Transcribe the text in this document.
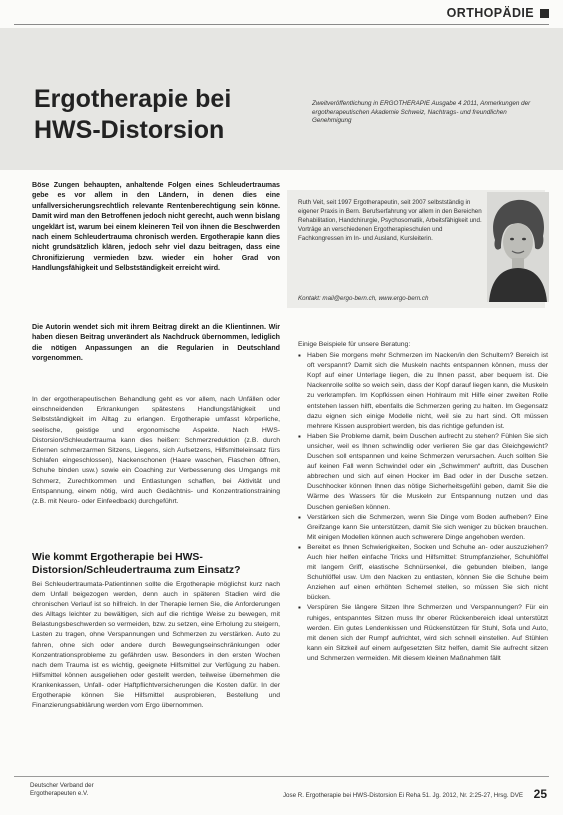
ORTHOPÄDIE
Ergotherapie bei
HWS-Distorsion
Zweitveröffentlichung in ERGOTHERAPIE Ausgabe 4 2011, Anmerkungen der ergotherapeutischen Akademie Schweiz, Nachtrags- und freundlichen Genehmigung
Böse Zungen behaupten, anhaltende Folgen eines Schleudertraumas gebe es vor allem in den Ländern, in denen dies eine unfallversicherungsrechtlich relevante Rentenberechtigung sein könne. Damit wird man den Betroffenen jedoch nicht gerecht, auch wenn bislang ungeklärt ist, warum bei einem kleineren Teil von ihnen die Beschwerden nach einem Schleudertrauma chronisch werden. Ergotherapie kann dies nicht grundsätzlich klären, jedoch sehr viel dazu beitragen, dass eine Chronifizierung vermieden bzw. wieder ein hoher Grad von Handlungsfähigkeit und Selbstständigkeit erreicht wird.
Die Autorin wendet sich mit ihrem Beitrag direkt an die Klientinnen. Wir haben diesen Beitrag unverändert als Nachdruck übernommen, lediglich die nötigen Anpassungen an die Regularien in Deutschland vorgenommen.
In der ergotherapeutischen Behandlung geht es vor allem, nach Unfällen oder einschneidenden Erkrankungen spätestens Handlungsfähigkeit und Selbstständigkeit im Alltag zu erlangen. Ergotherapie umfasst körperliche, seelische, geistige und ergonomische Aspekte. Nach HWS-Distorsion/Schleudertrauma kann dies heißen: Schmerzreduktion (z.B. durch Erlernen schmerzarmen Sitzens, Liegens, sich Aufsetzens, Hilfsmitteleinsatz fürs Schlafen eingeschlossen), Nackenschonen (Haare waschen, Flaschen öffnen, Schuhe binden usw.) sowie ein Coaching zur Verbesserung des Umgangs mit Schmerz, Zurechtkommen und Entlastungen schaffen, bei Aktivität und Entspannung, einem nötig, wird auch Gedächtnis- und Konzentrationstraining (z.B. mit Neuro- oder Einfeedback) durchgeführt.
Wie kommt Ergotherapie bei HWS-Distorsion/Schleudertrauma zum Einsatz?
Bei Schleudertraumata-Patientinnen sollte die Ergotherapie möglichst kurz nach dem Unfall beigezogen werden, denn auch in späteren Stadien wird die chronischen Verlauf ist so hilfreich. In der Therapie lernen Sie, die Anforderungen des Alltags leichter zu bewältigen, sich auf die richtige Weise zu bewegen, mit Belastungsbeschwerden so vermeiden, bzw. zu setzen, eine Erholung zu steigern, Lasten zu tragen, ohne Verspannungen und Schmerzen zu verstärken. Auto zu fahren, ohne sich oder andere durch Bewegungseinschränkungen oder Konzentrationsprobleme zu gefährden usw. Besonders in den ersten Wochen nach dem Trauma ist es wichtig, geeignete Hilfsmittel zur Verfügung zu haben. Hilfsmittel können ausgeliehen oder gestellt werden, teilweise übernehmen die Krankenkassen, Unfall- oder Haftpflichtversicherungen die Kosten dafür. In der Ergotherapie können Sie Hilfsmittel ausprobieren, Bestellung und Finanzierungsabklärung werden vom Ergo übernommen.
Ruth Veit, seit 1997 Ergotherapeutin, seit 2007 selbstständig in eigener Praxis in Bern. Berufserfahrung vor allem in den Bereichen Rehabilitation, Handchirurgie, Psychosomatik, Arbeitsfähigkeit und. Vorträge an verschiedenen Ergotherapieschulen und Fachkongressen im In- und Ausland, Kursleiterin.
Kontakt: mail@ergo-bern.ch, www.ergo-bern.ch
Einige Beispiele für unsere Beratung:
▪ Haben Sie morgens mehr Schmerzen im Nacken/in den Schultern? Bereich ist oft verspannt? Damit sich die Muskeln nachts entspannen können, muss der Kopf auf einer Unterlage liegen, die zu Ihnen passt, aber bequem ist. Die Nackenrolle sollte so weich sein, dass der Kopf darauf liegen kann, die Muskeln zu verkrampfen. Im Kopfkissen einen Hohlraum mit Hilfe einer zweiten Rolle entstehen lassen hilft, ebenfalls die Schmerzen gering zu halten. Im Gegensatz dazu eignen sich einige Modelle nicht, weil sie zu hart sind. Oft müssen mehrere Kissen ausprobiert werden, bis das richtige gefunden ist.
▪ Haben Sie Probleme damit, beim Duschen aufrecht zu stehen? Fühlen Sie sich unsicher, weil es Ihnen schwindlig oder verlieren Sie gar das Gleichgewicht? Duschen soll entspannen und keine Schmerzen verursachen. Auch sollten Sie auf keinen Fall wenn Schwindel oder ein „Schwimmen“ auftritt, das Duschen abbrechen und sich auf einen Hocker im Bad oder in der Dusche setzen. Duschhocker können Ihnen das nötige Sicherheitsgefühl geben, damit Sie die Wärme des Wassers für die Muskeln zur Entspannung nutzen und das Duschen genießen können.
▪ Verstärken sich die Schmerzen, wenn Sie Dinge vom Boden aufheben? Eine Greifzange kann Sie unterstützen, damit Sie sich weniger zu bücken brauchen. Mit einigen Modellen können auch schwerere Dinge angehoben werden.
▪ Bereitet es Ihnen Schwierigkeiten, Socken und Schuhe an- oder auszuziehen? Auch hier helfen einfache Tricks und Hilfsmittel: Strumpfanzieher, Schuhlöffel mit langem Griff, elastische Schnürsenkel, die gebunden bleiben, lange Schuhlöffel usw. Um den Nacken zu entlasten, können Sie die Schuhe beim Anziehen auf einen erhöhten Schemel stellen, so müssen Sie sich nicht bücken.
▪ Verspüren Sie längere Sitzen Ihre Schmerzen und Verspannungen? Für ein ruhiges, entspanntes Sitzen muss Ihr oberer Rückenbereich ideal unterstützt werden. Ein gutes Lendenkissen und Rückenstützen für Stuhl, Sofa und Auto, mit denen sich der Rumpf aufrichtet, wird sich schnell einstellen. Auf Stühlen kann ein Sitzkeil auf einem aufgesetzten Sitz helfen, damit Sie aufrecht sitzen und Schmerzen vermeiden. Mit diesem kleinen Maßnahmen fällt
Deutscher Verband der
Ergotherapeuten e.V.	Jose R. Ergotherapie bei HWS-Distorsion Ei Reha 51. Jg. 2012, Nr. 2:25-27, Hrsg. DVE 25
